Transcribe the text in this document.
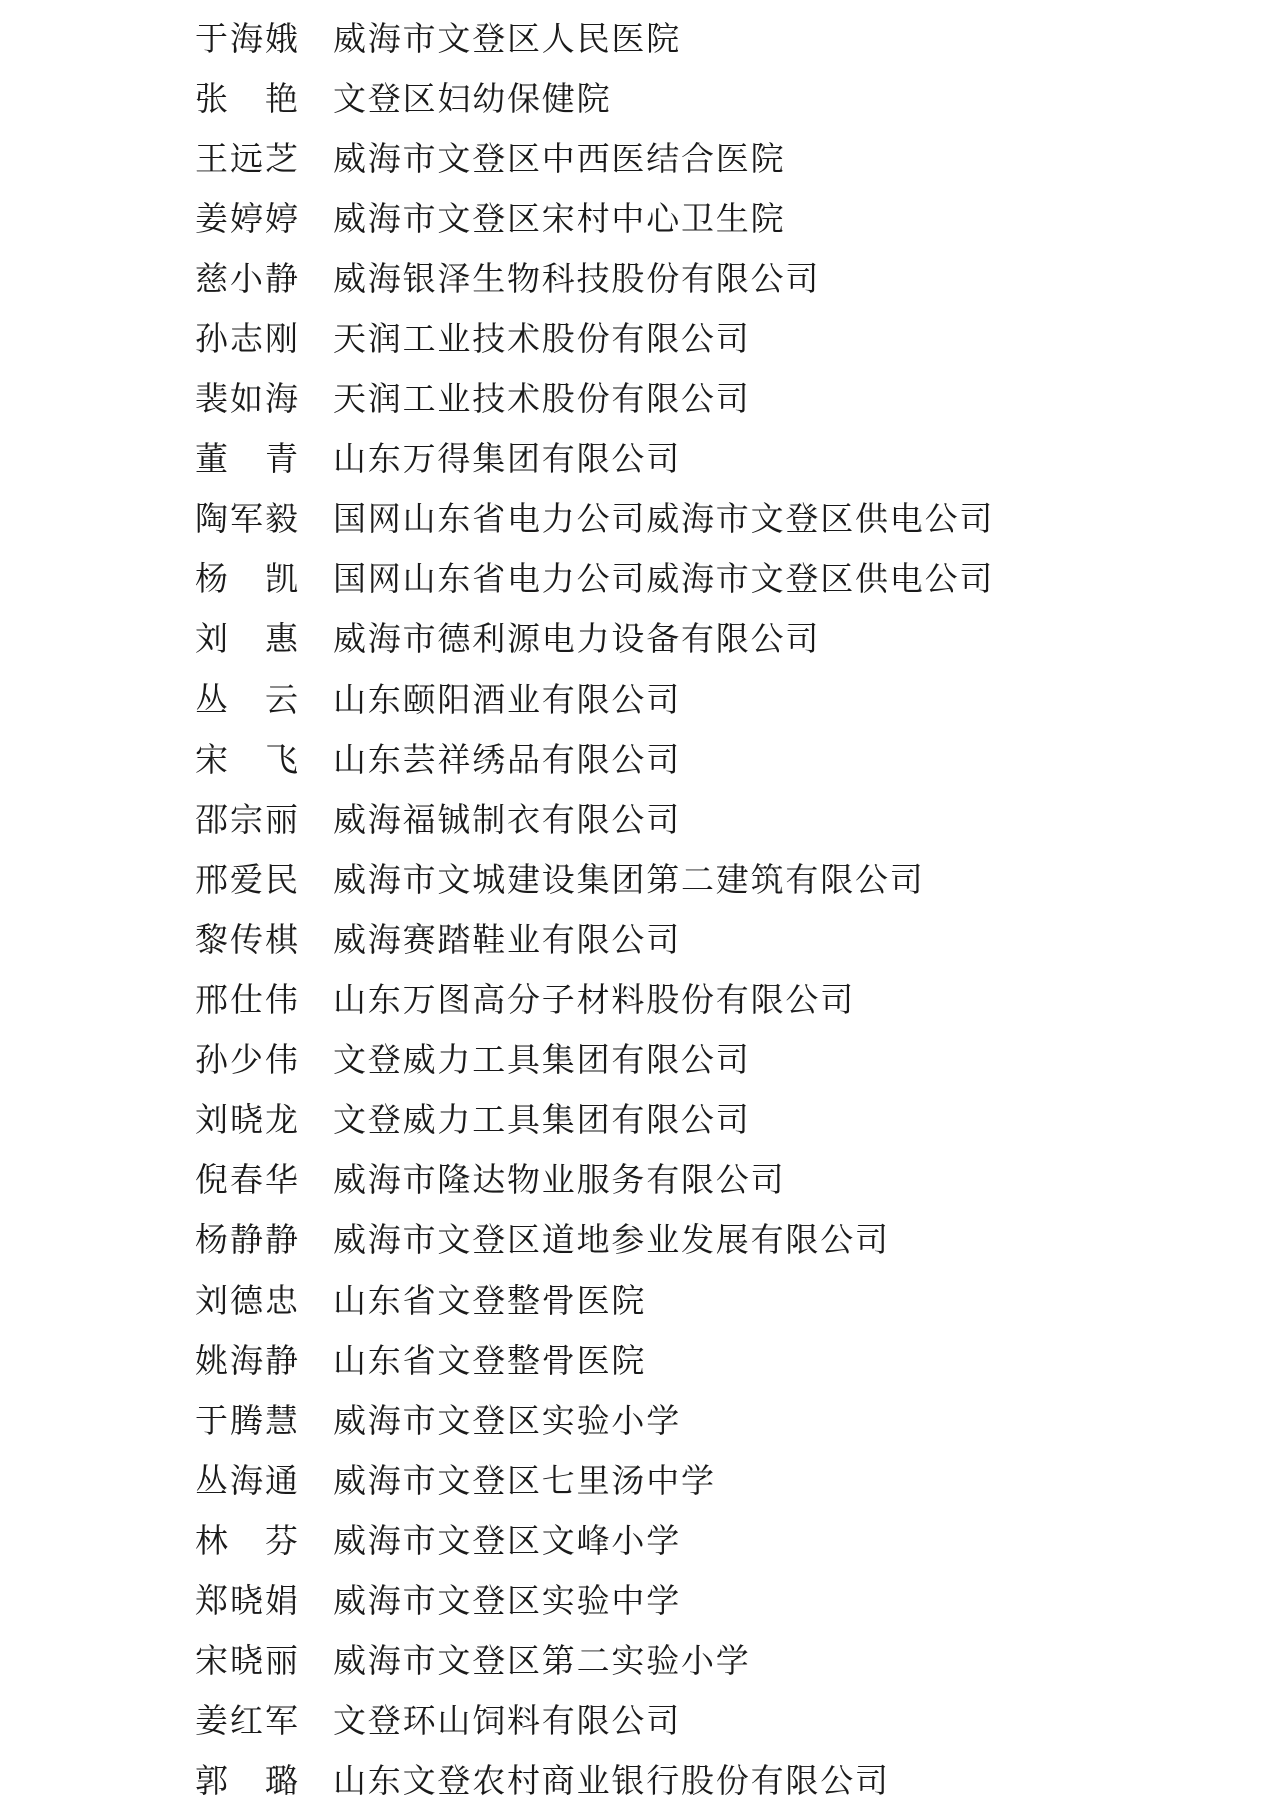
于海娥 威海市文登区人民医院
张　艳 文登区妇幼保健院
王远芝 威海市文登区中西医结合医院
姜婷婷 威海市文登区宋村中心卫生院
慈小静 威海银泽生物科技股份有限公司
孙志刚 天润工业技术股份有限公司
裴如海 天润工业技术股份有限公司
董　青 山东万得集团有限公司
陶军毅 国网山东省电力公司威海市文登区供电公司
杨　凯 国网山东省电力公司威海市文登区供电公司
刘　惠 威海市德利源电力设备有限公司
丛　云 山东颐阳酒业有限公司
宋　飞 山东芸祥绣品有限公司
邵宗丽 威海福铖制衣有限公司
邢爱民 威海市文城建设集团第二建筑有限公司
黎传棋 威海赛踏鞋业有限公司
邢仕伟 山东万图高分子材料股份有限公司
孙少伟 文登威力工具集团有限公司
刘晓龙 文登威力工具集团有限公司
倪春华 威海市隆达物业服务有限公司
杨静静 威海市文登区道地参业发展有限公司
刘德忠 山东省文登整骨医院
姚海静 山东省文登整骨医院
于腾慧 威海市文登区实验小学
丛海通 威海市文登区七里汤中学
林　芬 威海市文登区文峰小学
郑晓娟 威海市文登区实验中学
宋晓丽 威海市文登区第二实验小学
姜红军 文登环山饲料有限公司
郭　璐 山东文登农村商业银行股份有限公司
